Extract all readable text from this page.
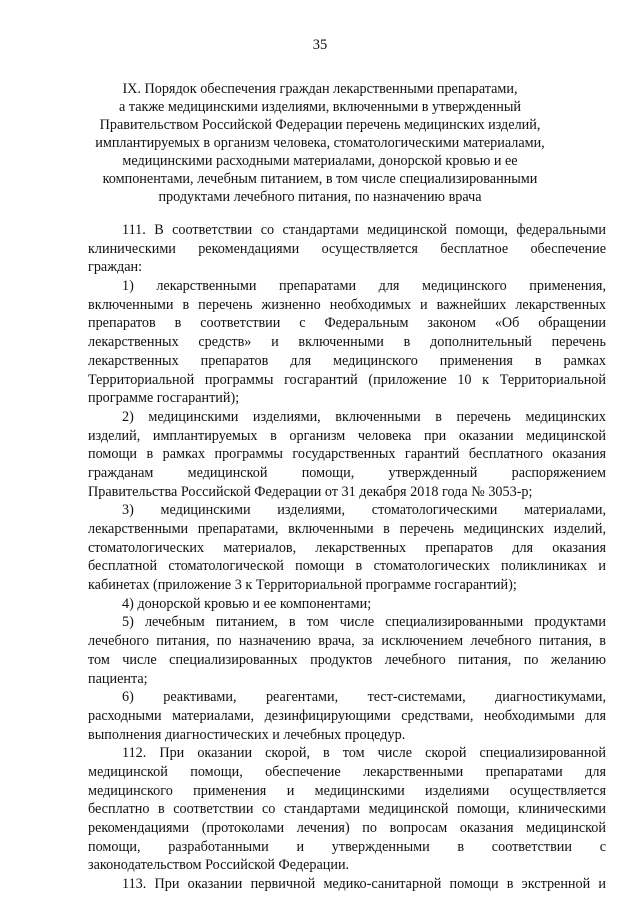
35
IX. Порядок обеспечения граждан лекарственными препаратами,
а также медицинскими изделиями, включенными в утвержденный
Правительством Российской Федерации перечень медицинских изделий,
имплантируемых в организм человека, стоматологическими материалами,
медицинскими расходными материалами, донорской кровью и ее
компонентами, лечебным питанием, в том числе специализированными
продуктами лечебного питания, по назначению врача
111. В соответствии со стандартами медицинской помощи, федеральными
клиническими рекомендациями осуществляется бесплатное обеспечение
граждан:
1) лекарственными препаратами для медицинского применения,
включенными в перечень жизненно необходимых и важнейших лекарственных
препаратов в соответствии с Федеральным законом «Об обращении
лекарственных средств» и включенными в дополнительный перечень
лекарственных препаратов для медицинского применения в рамках
Территориальной программы госгарантий (приложение 10 к Территориальной
программе госгарантий);
2) медицинскими изделиями, включенными в перечень медицинских
изделий, имплантируемых в организм человека при оказании медицинской
помощи в рамках программы государственных гарантий бесплатного оказания
гражданам медицинской помощи, утвержденный распоряжением
Правительства Российской Федерации от 31 декабря 2018 года № 3053-р;
3) медицинскими изделиями, стоматологическими материалами,
лекарственными препаратами, включенными в перечень медицинских изделий,
стоматологических материалов, лекарственных препаратов для оказания
бесплатной стоматологической помощи в стоматологических поликлиниках и
кабинетах (приложение 3 к Территориальной программе госгарантий);
4) донорской кровью и ее компонентами;
5) лечебным питанием, в том числе специализированными продуктами
лечебного питания, по назначению врача, за исключением лечебного питания, в
том числе специализированных продуктов лечебного питания, по желанию
пациента;
6) реактивами, реагентами, тест-системами, диагностикумами,
расходными материалами, дезинфицирующими средствами, необходимыми для
выполнения диагностических и лечебных процедур.
112. При оказании скорой, в том числе скорой специализированной
медицинской помощи, обеспечение лекарственными препаратами для
медицинского применения и медицинскими изделиями осуществляется
бесплатно в соответствии со стандартами медицинской помощи, клиническими
рекомендациями (протоколами лечения) по вопросам оказания медицинской
помощи, разработанными и утвержденными в соответствии с
законодательством Российской Федерации.
113. При оказании первичной медико-санитарной помощи в экстренной и
